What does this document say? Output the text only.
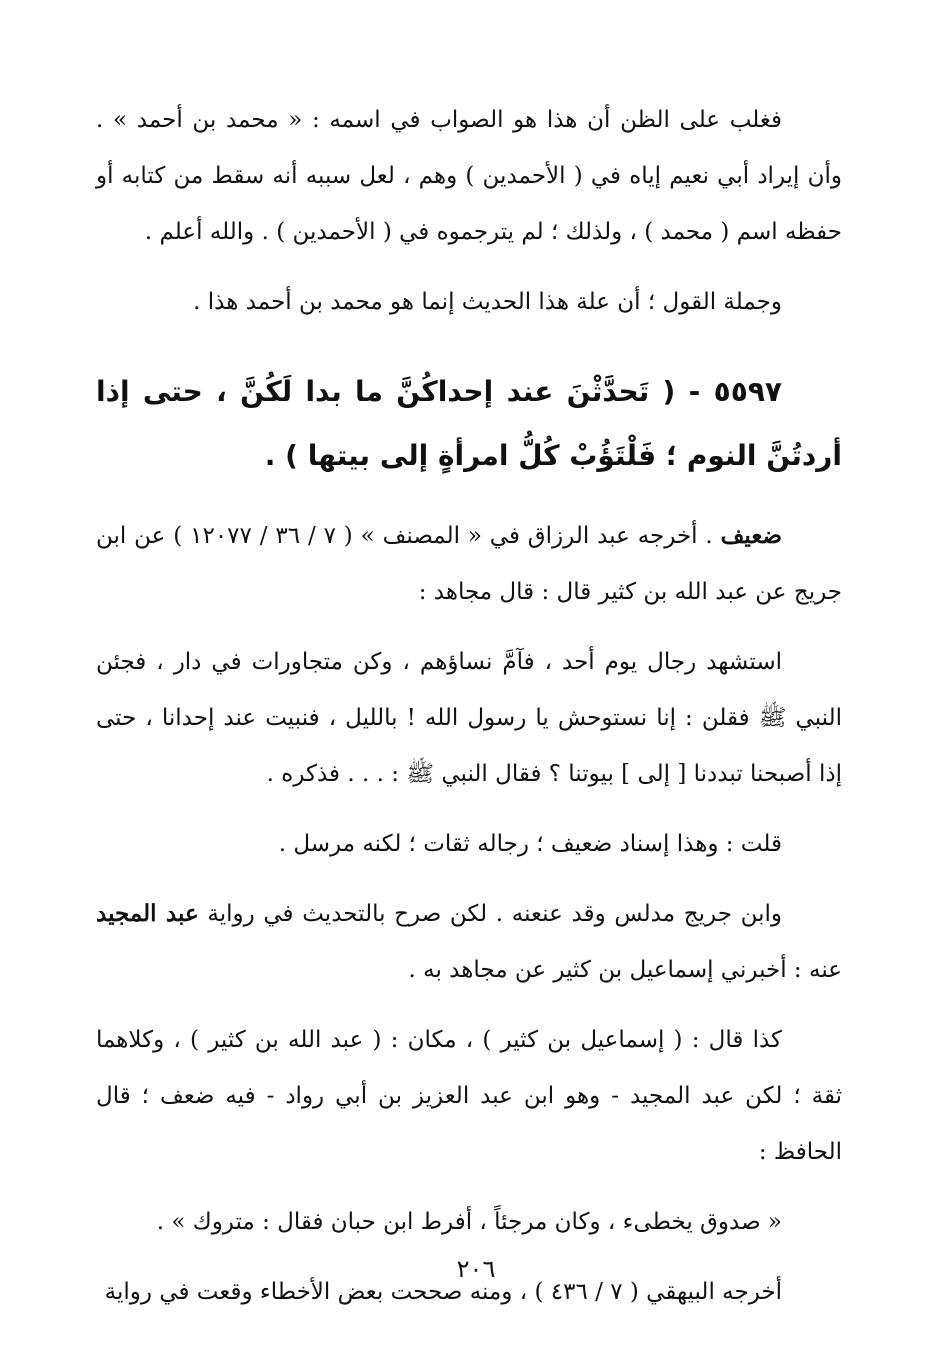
فغلب على الظن أن هذا هو الصواب في اسمه : « محمد بن أحمد » . وأن إيراد أبي نعيم إياه في ( الأحمدين ) وهم ، لعل سببه أنه سقط من كتابه أو حفظه اسم ( محمد ) ، ولذلك ؛ لم يترجموه في ( الأحمدين ) . والله أعلم .

وجملة القول ؛ أن علة هذا الحديث إنما هو محمد بن أحمد هذا .

٥٥٩٧ - ( تَحدَّثْنَ عند إحداكُنَّ ما بدا لَكُنَّ ، حتى إذا أردتُنَّ النوم ؛ فَلْتَؤُبْ كُلُّ امرأةٍ إلى بيتها ) .

ضعيف . أخرجه عبد الرزاق في « المصنف » ( ٧ / ٣٦ / ١٢٠٧٧ ) عن ابن جريج عن عبد الله بن كثير قال : قال مجاهد :

استشهد رجال يوم أحد ، فآمَّ نساؤهم ، وكن متجاورات في دار ، فجئن النبي ﷺ فقلن : إنا نستوحش يا رسول الله ! بالليل ، فنبيت عند إحدانا ، حتى إذا أصبحنا تبددنا [ إلى ] بيوتنا ؟ فقال النبي ﷺ : . . . فذكره .

قلت : وهذا إسناد ضعيف ؛ رجاله ثقات ؛ لكنه مرسل .

وابن جريج مدلس وقد عنعنه . لكن صرح بالتحديث في رواية عبد المجيد عنه : أخبرني إسماعيل بن كثير عن مجاهد به .

كذا قال : ( إسماعيل بن كثير ) ، مكان : ( عبد الله بن كثير ) ، وكلاهما ثقة ؛ لكن عبد المجيد - وهو ابن عبد العزيز بن أبي رواد - فيه ضعف ؛ قال الحافظ :

« صدوق يخطىء ، وكان مرجئاً ، أفرط ابن حبان فقال : متروك » .

أخرجه البيهقي ( ٧ / ٤٣٦ ) ، ومنه صححت بعض الأخطاء وقعت في رواية

٢٠٦
